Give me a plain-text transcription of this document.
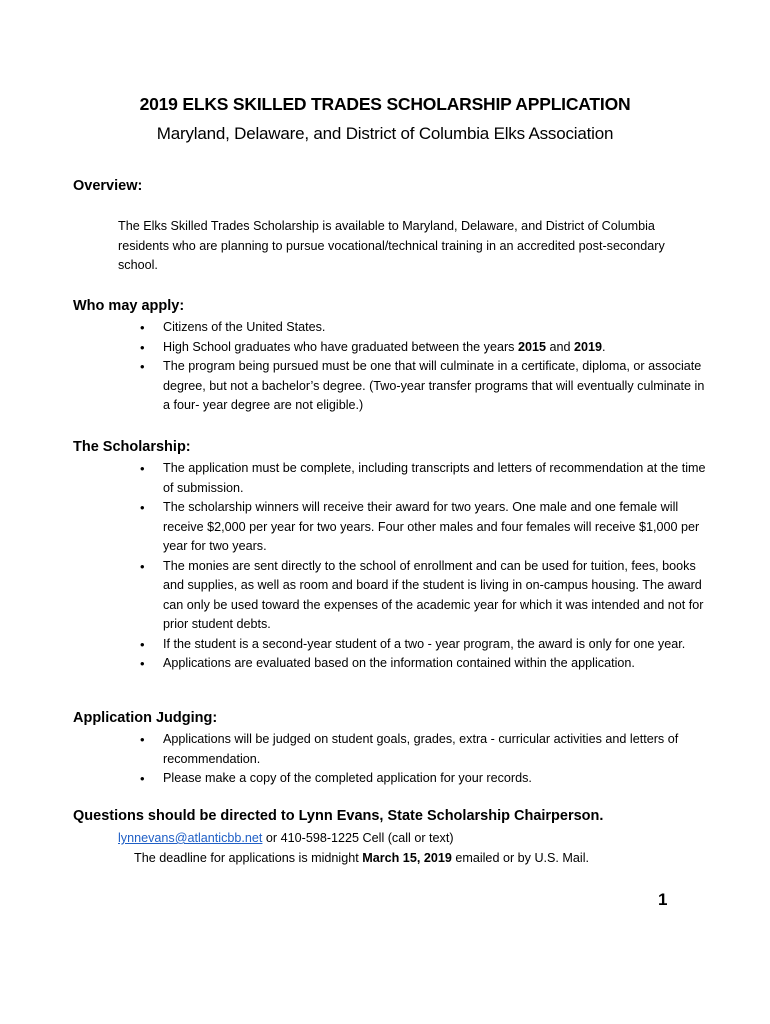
2019 ELKS SKILLED TRADES SCHOLARSHIP APPLICATION
Maryland, Delaware, and District of Columbia Elks Association
Overview:
The Elks Skilled Trades Scholarship is available to Maryland, Delaware, and District of Columbia residents who are planning to pursue vocational/technical training in an accredited post-secondary school.
Who may apply:
• Citizens of the United States.
• High School graduates who have graduated between the years 2015 and 2019.
• The program being pursued must be one that will culminate in a certificate, diploma, or associate degree, but not a bachelor’s degree. (Two-year transfer programs that will eventually culminate in a four- year degree are not eligible.)
The Scholarship:
• The application must be complete, including transcripts and letters of recommendation at the time of submission.
• The scholarship winners will receive their award for two years. One male and one female will receive $2,000 per year for two years. Four other males and four females will receive $1,000 per year for two years.
• The monies are sent directly to the school of enrollment and can be used for tuition, fees, books and supplies, as well as room and board if the student is living in on-campus housing. The award can only be used toward the expenses of the academic year for which it was intended and not for prior student debts.
• If the student is a second-year student of a two - year program, the award is only for one year.
• Applications are evaluated based on the information contained within the application.
Application Judging:
• Applications will be judged on student goals, grades, extra - curricular activities and letters of recommendation.
• Please make a copy of the completed application for your records.
Questions should be directed to Lynn Evans, State Scholarship Chairperson.
lynnevans@atlanticbb.net or 410-598-1225 Cell (call or text)
The deadline for applications is midnight March 15, 2019 emailed or by U.S. Mail.
1
